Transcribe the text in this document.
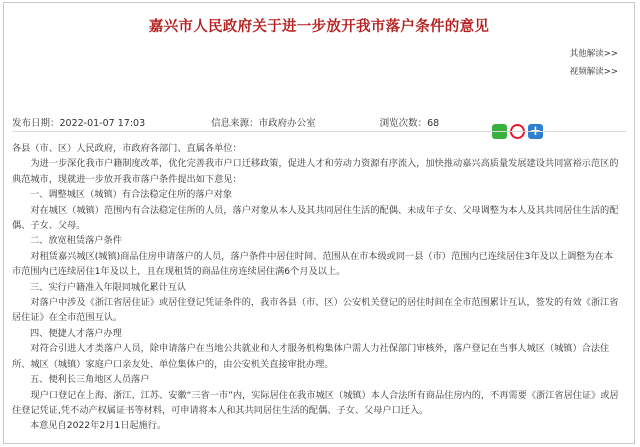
嘉兴市人民政府关于进一步放开我市落户条件的意见
其他解读>>
视频解读>>
发布日期：2022-01-07 17:03	信息来源：市政府办公室	浏览次数：68
+

各县（市、区）人民政府，市政府各部门、直属各单位：

为进一步深化我市户籍制度改革，优化完善我市户口迁移政策，促进人才和劳动力资源有序流入，加快推动嘉兴高质量发展建设共同富裕示范区的典范城市，现就进一步放开我市落户条件提出如下意见：

一、调整城区（城镇）有合法稳定住所的落户对象

对在城区（城镇）范围内有合法稳定住所的人员，落户对象从本人及其共同居住生活的配偶、未成年子女、父母调整为本人及其共同居住生活的配偶、子女、父母。

二、放宽租赁落户条件

对租赁嘉兴城区(城镇)商品住房申请落户的人员，落户条件中居住时间、范围从在市本级或同一县（市）范围内已连续居住3年及以上调整为在本市范围内已连续居住1年及以上，且在现租赁的商品住房连续居住满6个月及以上。

三、实行户籍准入年限同城化累计互认

对落户中涉及《浙江省居住证》或居住登记凭证条件的，我市各县（市、区）公安机关登记的居住时间在全市范围累计互认，签发的有效《浙江省居住证》在全市范围互认。

四、便捷人才落户办理

对符合引进人才类落户人员，除申请落户在当地公共就业和人才服务机构集体户需人力社保部门审核外，落户登记在当事人城区（城镇）合法住所、城区（城镇）家庭户口亲友处、单位集体户的，由公安机关直接审批办理。

五、便利长三角地区人员落户

现户口登记在上海、浙江、江苏、安徽“三省一市”内，实际居住在我市城区（城镇）本人合法所有商品住房内的，不再需要《浙江省居住证》或居住登记凭证,凭不动产权属证书等材料，可申请将本人和其共同居住生活的配偶、子女、父母户口迁入。

本意见自2022年2月1日起施行。
